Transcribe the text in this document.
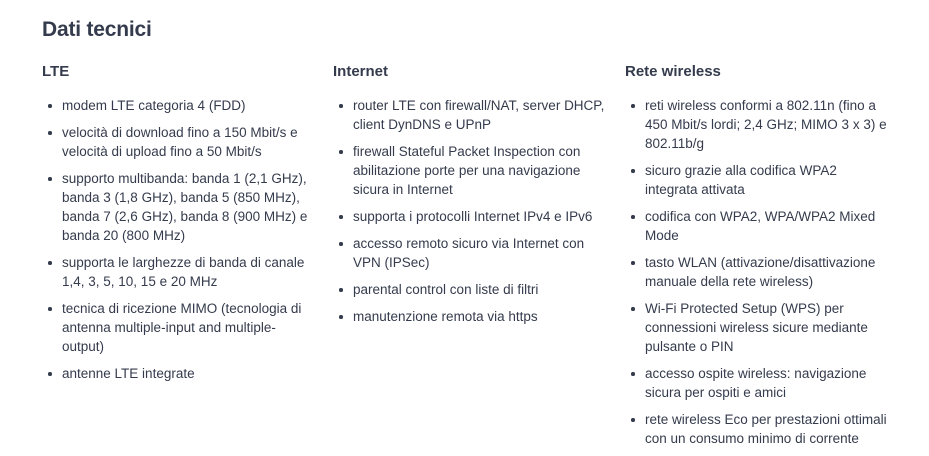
Dati tecnici
LTE
modem LTE categoria 4 (FDD)
velocità di download fino a 150 Mbit/s e velocità di upload fino a 50 Mbit/s
supporto multibanda: banda 1 (2,1 GHz), banda 3 (1,8 GHz), banda 5 (850 MHz), banda 7 (2,6 GHz), banda 8 (900 MHz) e banda 20 (800 MHz)
supporta le larghezze di banda di canale 1,4, 3, 5, 10, 15 e 20 MHz
tecnica di ricezione MIMO (tecnologia di antenna multiple-input and multiple-output)
antenne LTE integrate
Internet
router LTE con firewall/NAT, server DHCP, client DynDNS e UPnP
firewall Stateful Packet Inspection con abilitazione porte per una navigazione sicura in Internet
supporta i protocolli Internet IPv4 e IPv6
accesso remoto sicuro via Internet con VPN (IPSec)
parental control con liste di filtri
manutenzione remota via https
Rete wireless
reti wireless conformi a 802.11n (fino a 450 Mbit/s lordi; 2,4 GHz; MIMO 3 x 3) e 802.11b/g
sicuro grazie alla codifica WPA2 integrata attivata
codifica con WPA2, WPA/WPA2 Mixed Mode
tasto WLAN (attivazione/disattivazione manuale della rete wireless)
Wi-Fi Protected Setup (WPS) per connessioni wireless sicure mediante pulsante o PIN
accesso ospite wireless: navigazione sicura per ospiti e amici
rete wireless Eco per prestazioni ottimali con un consumo minimo di corrente
